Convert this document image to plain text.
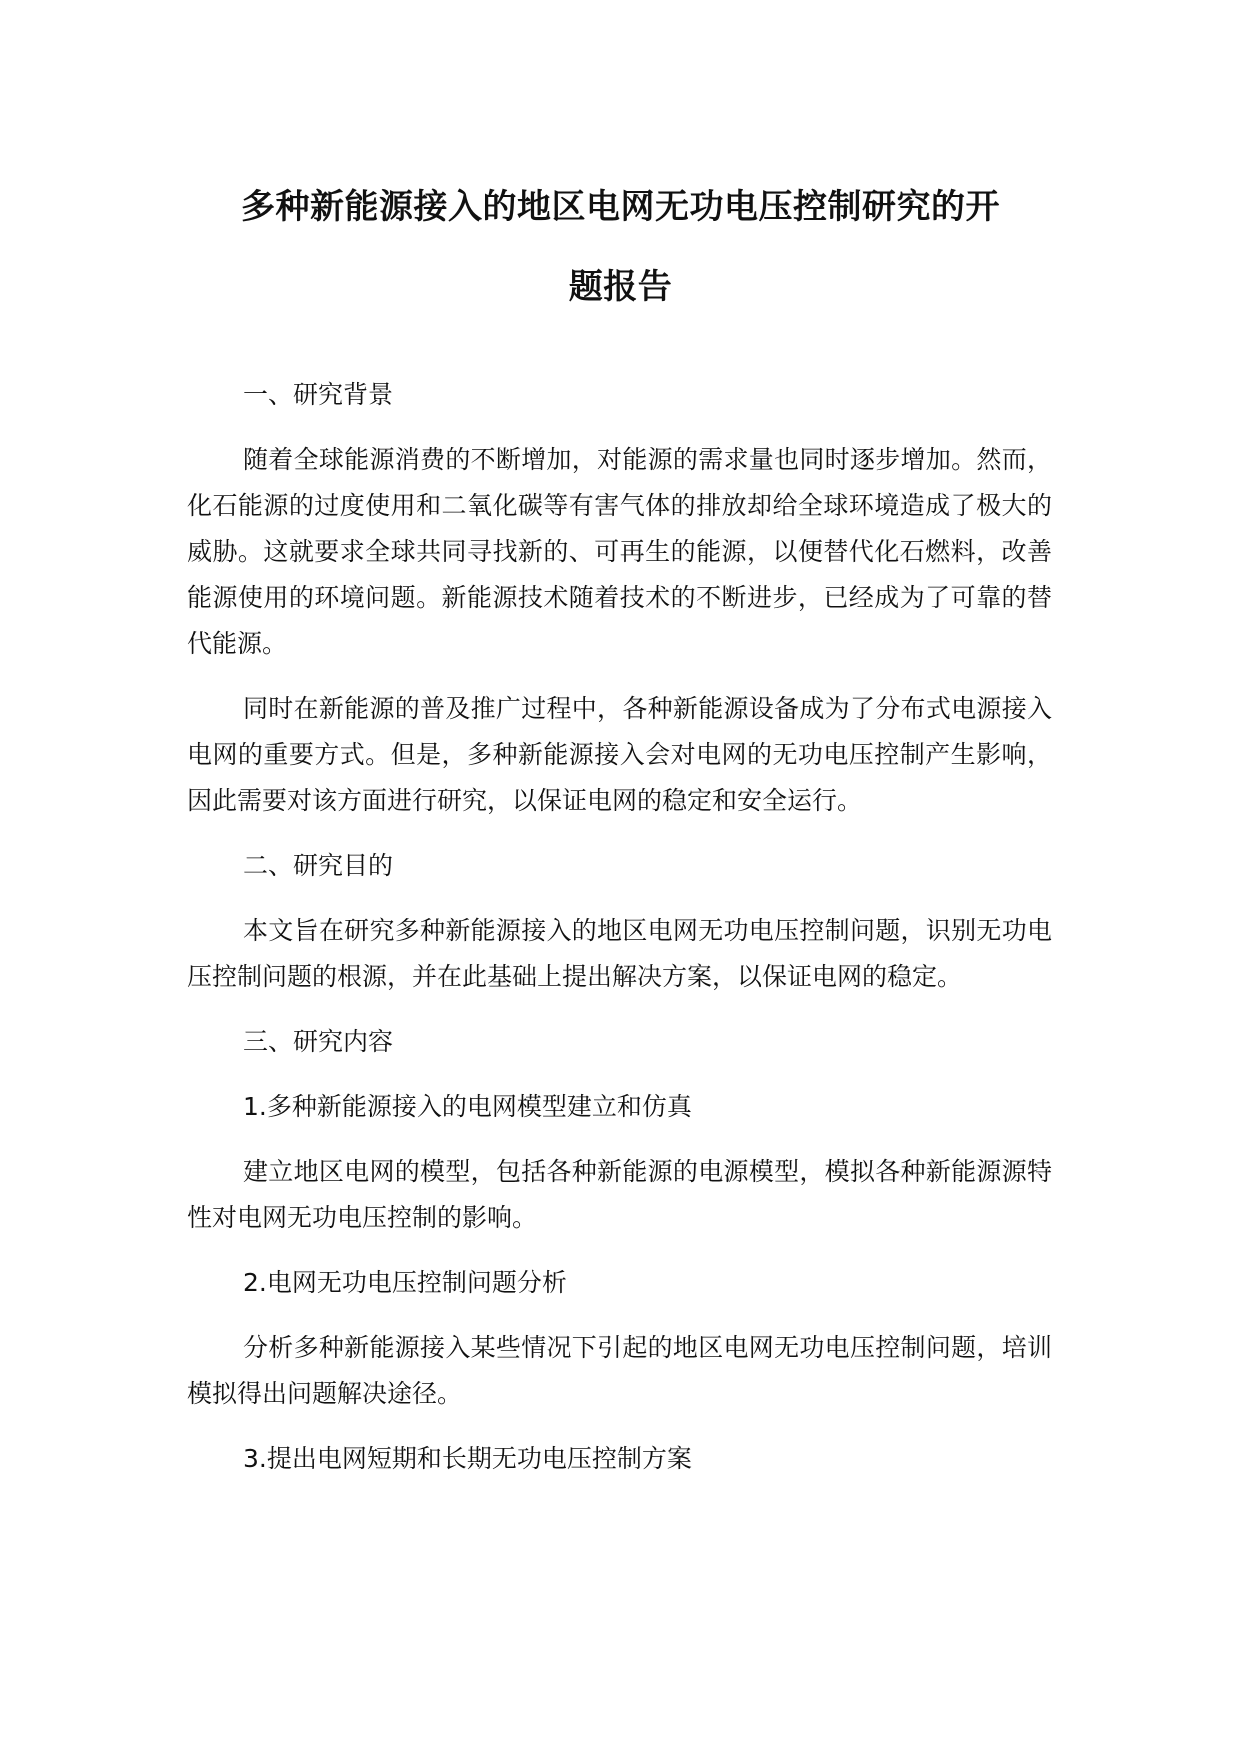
多种新能源接入的地区电网无功电压控制研究的开
题报告

一、研究背景

随着全球能源消费的不断增加，对能源的需求量也同时逐步增加。然而，化石能源的过度使用和二氧化碳等有害气体的排放却给全球环境造成了极大的威胁。这就要求全球共同寻找新的、可再生的能源，以便替代化石燃料，改善能源使用的环境问题。新能源技术随着技术的不断进步，已经成为了可靠的替代能源。

同时在新能源的普及推广过程中，各种新能源设备成为了分布式电源接入电网的重要方式。但是，多种新能源接入会对电网的无功电压控制产生影响，因此需要对该方面进行研究，以保证电网的稳定和安全运行。

二、研究目的

本文旨在研究多种新能源接入的地区电网无功电压控制问题，识别无功电压控制问题的根源，并在此基础上提出解决方案，以保证电网的稳定。

三、研究内容

1.多种新能源接入的电网模型建立和仿真

建立地区电网的模型，包括各种新能源的电源模型，模拟各种新能源源特性对电网无功电压控制的影响。

2.电网无功电压控制问题分析

分析多种新能源接入某些情况下引起的地区电网无功电压控制问题，培训模拟得出问题解决途径。

3.提出电网短期和长期无功电压控制方案
